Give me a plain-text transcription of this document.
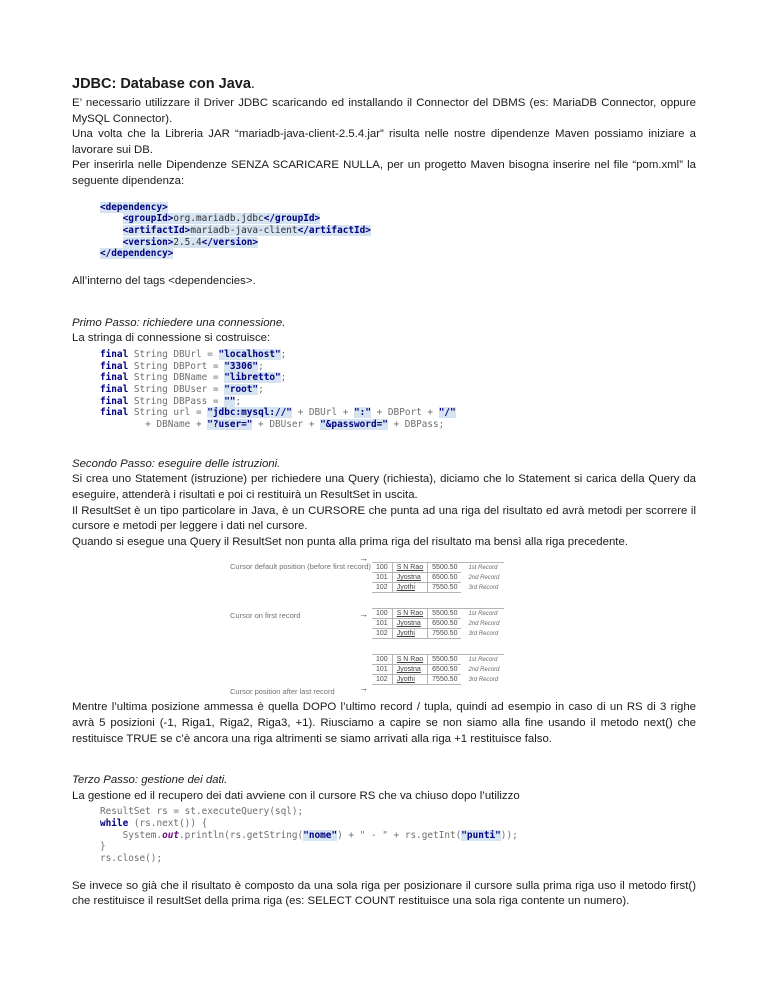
JDBC: Database con Java.

E’ necessario utilizzare il Driver JDBC scaricando ed installando il Connector del DBMS (es: MariaDB Connector, oppure MySQL Connector).

Una volta che la Libreria JAR “mariadb-java-client-2.5.4.jar” risulta nelle nostre dipendenze Maven possiamo iniziare a lavorare sui DB.

Per inserirla nelle Dipendenze SENZA SCARICARE NULLA, per un progetto Maven bisogna inserire nel file “pom.xml” la seguente dipendenza:

<dependency>
<groupId>org.mariadb.jdbc</groupId>
<artifactId>mariadb-java-client</artifactId>
<version>2.5.4</version>
</dependency>

All’interno del tags <dependencies>.

Primo Passo: richiedere una connessione.

La stringa di connessione si costruisce:

final String DBUrl = "localhost";
final String DBPort = "3306";
final String DBName = "libretto";
final String DBUser = "root";
final String DBPass = "";
final String url = "jdbc:mysql://" + DBUrl + ":" + DBPort + "/"
+ DBName + "?user=" + DBUser + "&password=" + DBPass;

Secondo Passo: eseguire delle istruzioni.

Si crea uno Statement (istruzione) per richiedere una Query (richiesta), diciamo che lo Statement si carica della Query da eseguire, attenderà i risultati e poi ci restituirà un ResultSet in uscita.

Il ResultSet è un tipo particolare in Java, è un CURSORE che punta ad una riga del risultato ed avrà metodi per scorrere il cursore e metodi per leggere i dati nel cursore.

Quando si esegue una Query il ResultSet non punta alla prima riga del risultato ma bensì alla riga precedente.

Cursor default position (before first record)
→
100	S N Rao	5500.50	1st Record
101	Jyostna	6500.50	2nd Record
102	Jyothi	7550.50	3rd Record
Cursor on first record	→ 100	S N Rao	5500.50	1st Record
101	Jyostna	6500.50	2nd Record
102	Jyothi	7550.50	3rd Record
Cursor position after last record	→
100	S N Rao	5500.50	1st Record
101	Jyostna	6500.50	2nd Record
102	Jyothi	7550.50	3rd Record

Mentre l’ultima posizione ammessa è quella DOPO l’ultimo record / tupla, quindi ad esempio in caso di un RS di 3 righe avrà 5 posizioni (-1, Riga1, Riga2, Riga3, +1). Riusciamo a capire se non siamo alla fine usando il metodo next() che restituisce TRUE se c’è ancora una riga altrimenti se siamo arrivati alla riga +1 restituisce falso.

Terzo Passo: gestione dei dati.

La gestione ed il recupero dei dati avviene con il cursore RS che va chiuso dopo l’utilizzo

ResultSet rs = st.executeQuery(sql);
while (rs.next()) {
System.out.println(rs.getString("nome") + " - " + rs.getInt("punti"));
}
rs.close();

Se invece so già che il risultato è composto da una sola riga per posizionare il cursore sulla prima riga uso il metodo first() che restituisce il resultSet della prima riga (es: SELECT COUNT restituisce una sola riga contente un numero).
